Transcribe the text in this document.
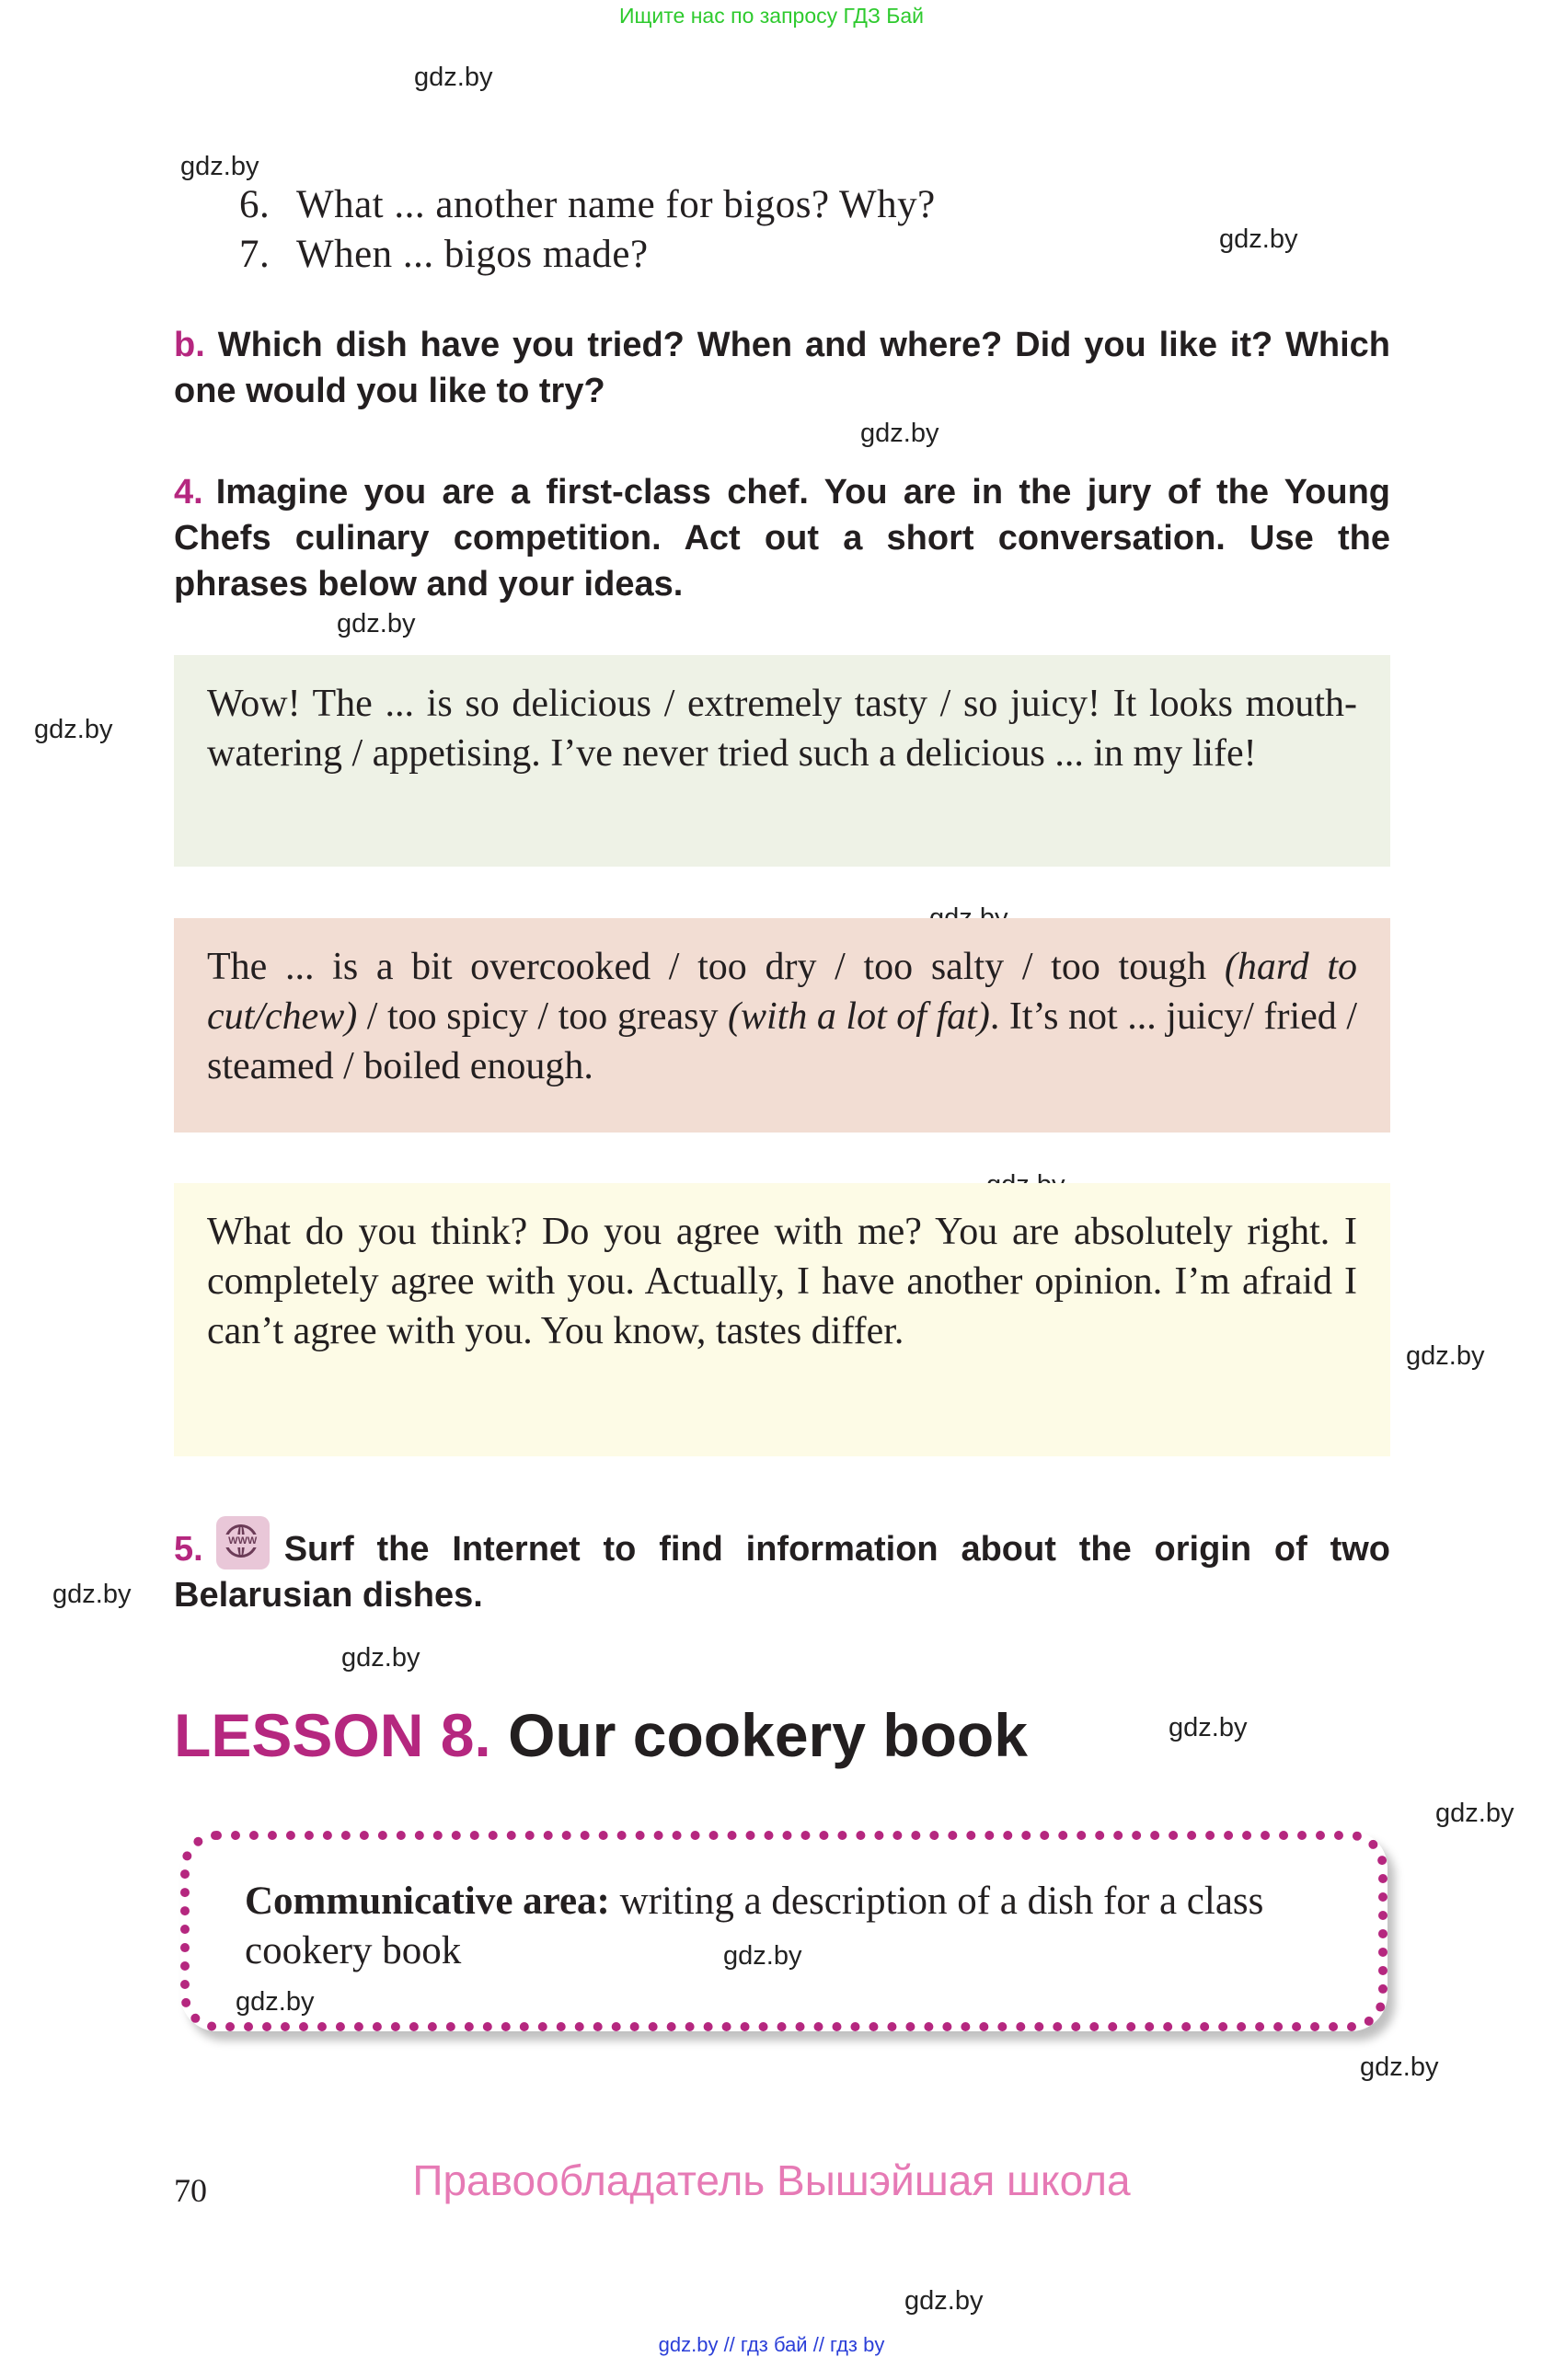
Ищите нас по запросу ГДЗ Бай
gdz.by
gdz.by
gdz.by
gdz.by
gdz.by
gdz.by
gdz.by
gdz.by
gdz.by
gdz.by
gdz.by
gdz.by
gdz.by
6. What ... another name for bigos? Why?
7. When ... bigos made?
b. Which dish have you tried? When and where? Did you like it? Which one would you like to try?
4. Imagine you are a first-class chef. You are in the jury of the Young Chefs culinary competition. Act out a short conversation. Use the phrases below and your ideas.
Wow! The ... is so delicious / extremely tasty / so juicy! It looks mouth-watering / appetising. I’ve never tried such a delicious ... in my life!
The ... is a bit overcooked / too dry / too salty / too tough (hard to cut/chew) / too spicy / too greasy (with a lot of fat). It’s not ... juicy/ fried / steamed / boiled enough.
What do you think? Do you agree with me? You are absolutely right. I completely agree with you. Actually, I have another opinion. I’m afraid I can’t agree with you. You know, tastes differ.
5.	WWW Surf the Internet to find information about the origin of two Belarusian dishes.
LESSON 8. Our cookery book
Communicative area: writing a description of a dish for a class cookery book	gdz.by
gdz.by
70	Правообладатель Вышэйшая школа
gdz.by // гдз бай // гдз by
